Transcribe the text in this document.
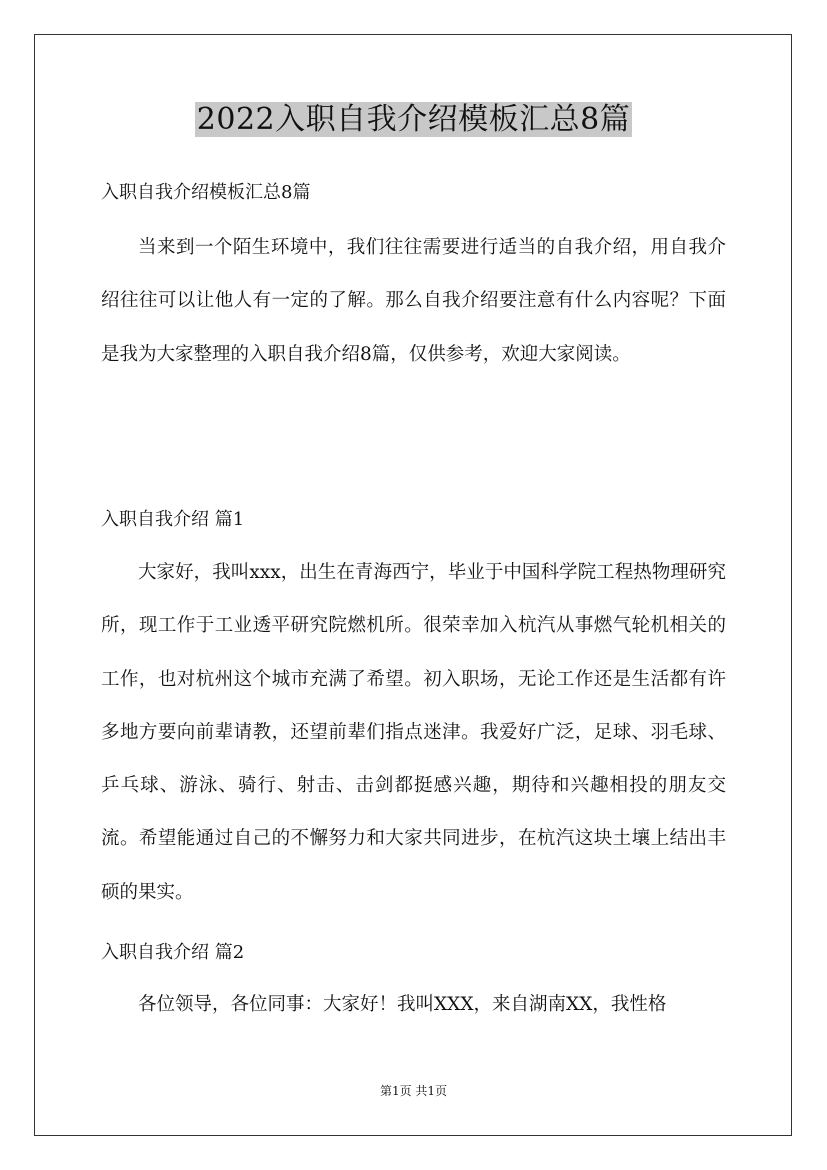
2022入职自我介绍模板汇总8篇
入职自我介绍模板汇总8篇

当来到一个陌生环境中，我们往往需要进行适当的自我介绍，用自我介绍往往可以让他人有一定的了解。那么自我介绍要注意有什么内容呢？下面是我为大家整理的入职自我介绍8篇，仅供参考，欢迎大家阅读。

入职自我介绍 篇1

大家好，我叫xxx，出生在青海西宁，毕业于中国科学院工程热物理研究所，现工作于工业透平研究院燃机所。很荣幸加入杭汽从事燃气轮机相关的工作，也对杭州这个城市充满了希望。初入职场，无论工作还是生活都有许多地方要向前辈请教，还望前辈们指点迷津。我爱好广泛，足球、羽毛球、乒乓球、游泳、骑行、射击、击剑都挺感兴趣，期待和兴趣相投的朋友交流。希望能通过自己的不懈努力和大家共同进步，在杭汽这块土壤上结出丰硕的果实。

入职自我介绍 篇2

各位领导，各位同事：大家好！我叫XXX，来自湖南XX，我性格

第1页 共1页
